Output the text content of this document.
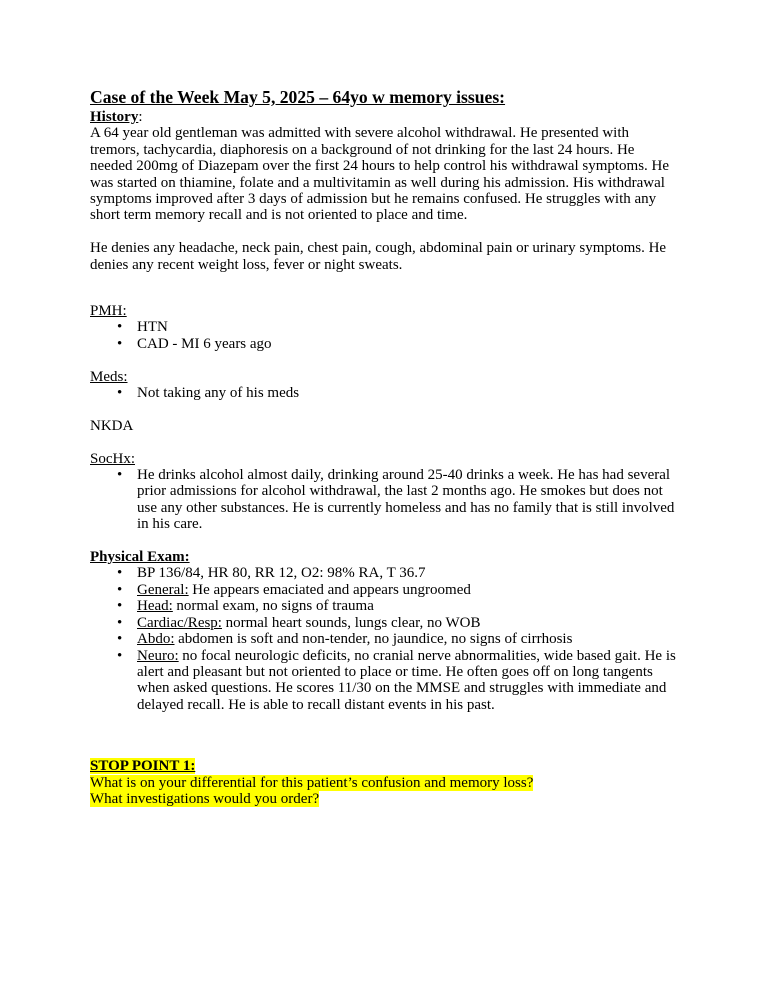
Case of the Week May 5, 2025 – 64yo w memory issues:
History:

A 64 year old gentleman was admitted with severe alcohol withdrawal. He presented with tremors, tachycardia, diaphoresis on a background of not drinking for the last 24 hours. He needed 200mg of Diazepam over the first 24 hours to help control his withdrawal symptoms. He was started on thiamine, folate and a multivitamin as well during his admission. His withdrawal symptoms improved after 3 days of admission but he remains confused. He struggles with any short term memory recall and is not oriented to place and time.

He denies any headache, neck pain, chest pain, cough, abdominal pain or urinary symptoms. He denies any recent weight loss, fever or night sweats.

PMH:
• HTN
• CAD - MI 6 years ago
Meds:
• Not taking any of his meds

NKDA

SocHx:
• He drinks alcohol almost daily, drinking around 25-40 drinks a week. He has had several prior admissions for alcohol withdrawal, the last 2 months ago. He smokes but does not use any other substances. He is currently homeless and has no family that is still involved in his care.
Physical Exam:
• BP 136/84, HR 80, RR 12, O2: 98% RA, T 36.7
• General: He appears emaciated and appears ungroomed
• Head: normal exam, no signs of trauma
• Cardiac/Resp: normal heart sounds, lungs clear, no WOB
• Abdo: abdomen is soft and non-tender, no jaundice, no signs of cirrhosis
• Neuro: no focal neurologic deficits, no cranial nerve abnormalities, wide based gait. He is alert and pleasant but not oriented to place or time. He often goes off on long tangents when asked questions. He scores 11/30 on the MMSE and struggles with immediate and delayed recall. He is able to recall distant events in his past.
STOP POINT 1:
What is on your differential for this patient’s confusion and memory loss?
What investigations would you order?
